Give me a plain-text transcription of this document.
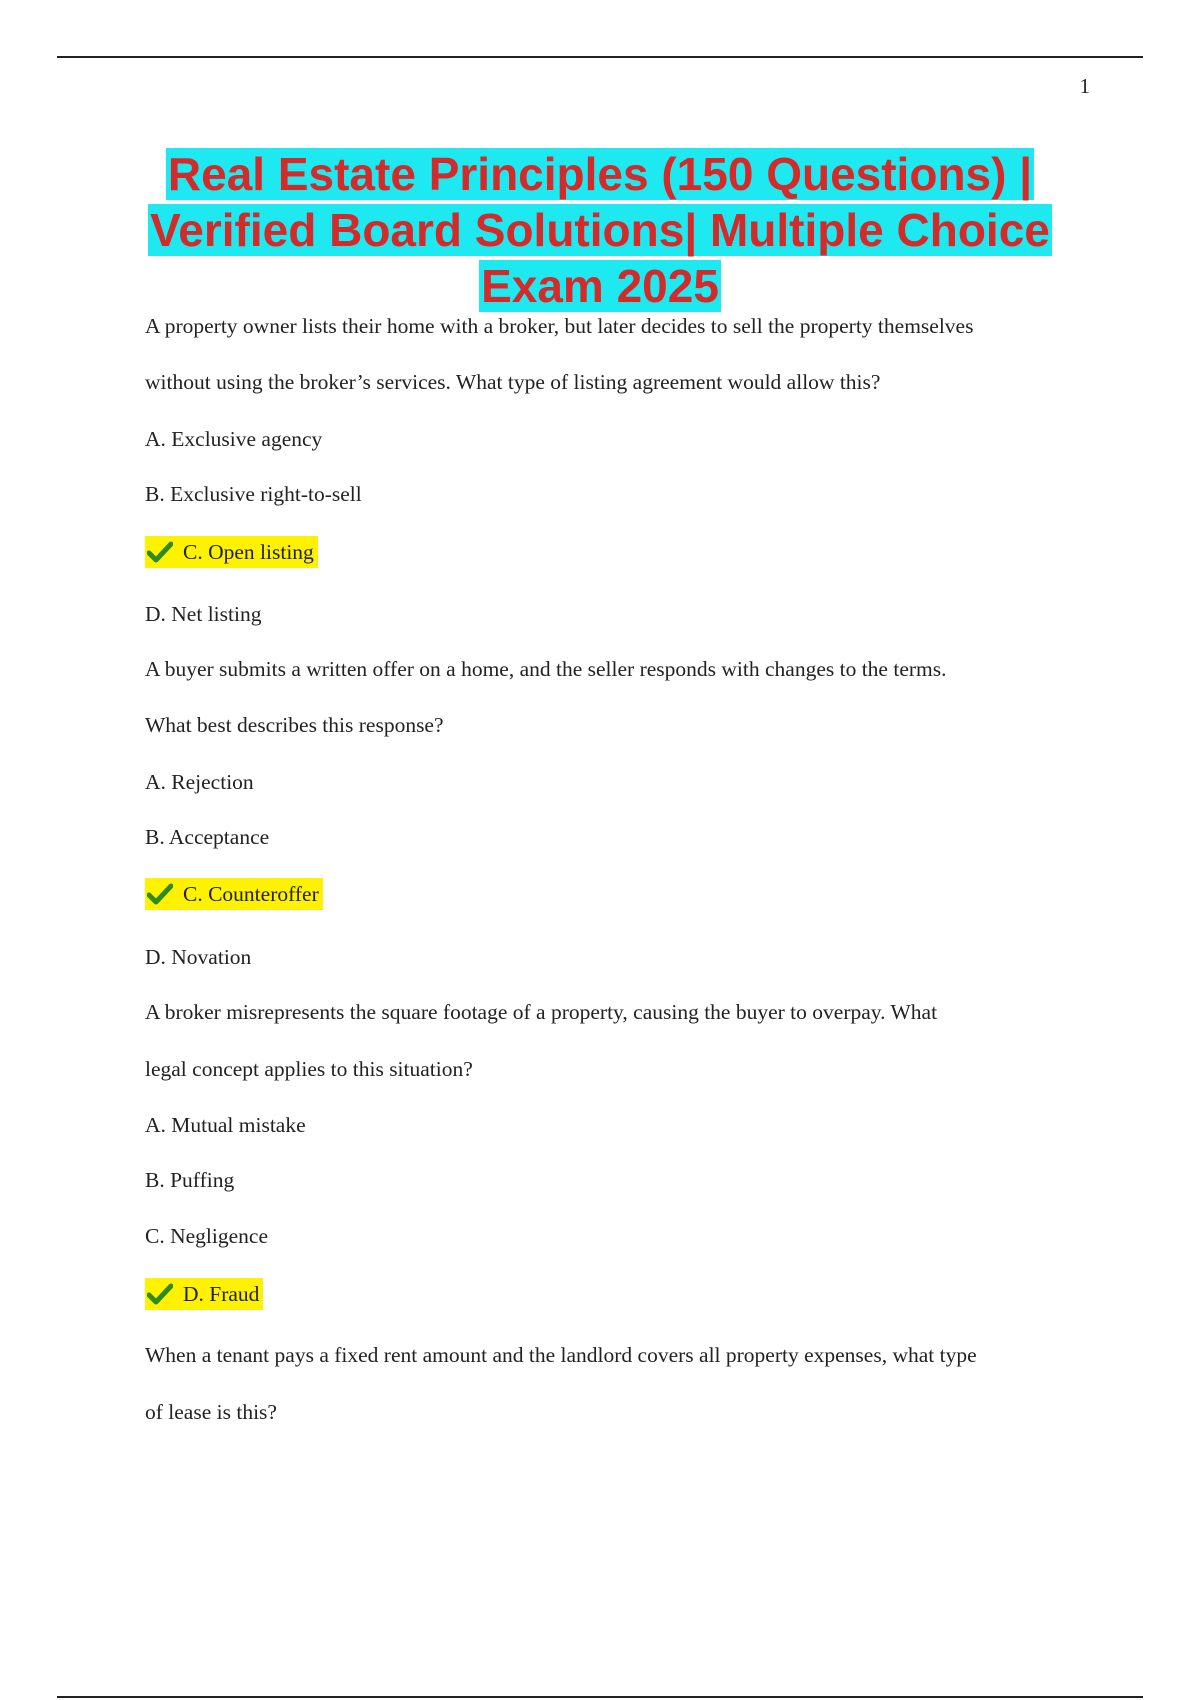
1
Real Estate Principles (150 Questions) | Verified Board Solutions| Multiple Choice Exam 2025
A property owner lists their home with a broker, but later decides to sell the property themselves
without using the broker’s services. What type of listing agreement would allow this?
A. Exclusive agency
B. Exclusive right-to-sell
C. Open listing
D. Net listing
A buyer submits a written offer on a home, and the seller responds with changes to the terms.
What best describes this response?
A. Rejection
B. Acceptance
C. Counteroffer
D. Novation
A broker misrepresents the square footage of a property, causing the buyer to overpay. What
legal concept applies to this situation?
A. Mutual mistake
B. Puffing
C. Negligence
D. Fraud
When a tenant pays a fixed rent amount and the landlord covers all property expenses, what type
of lease is this?
